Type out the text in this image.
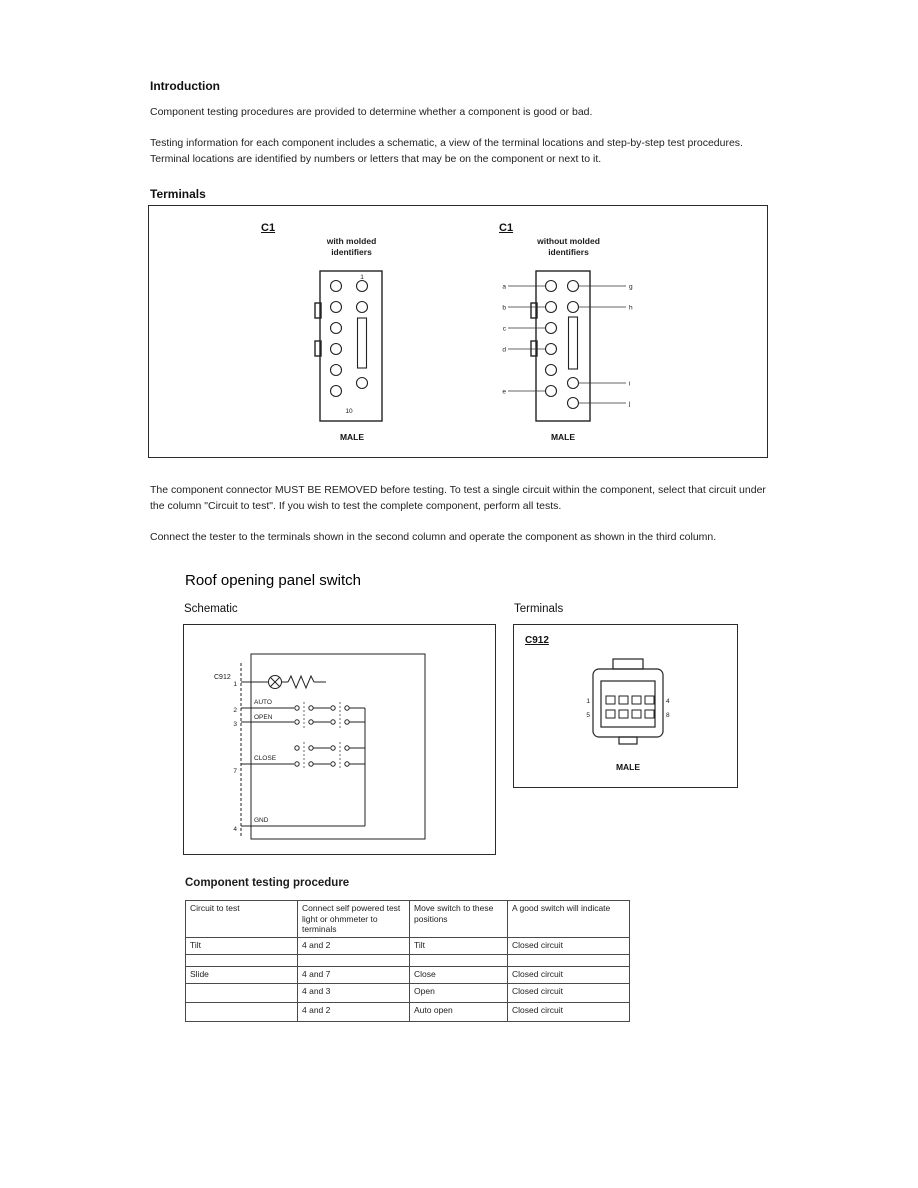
Introduction

Component testing procedures are provided to determine whether a component is good or bad.

Testing information for each component includes a schematic, a view of the terminal locations and step-by-step test procedures. Terminal locations are identified by numbers or letters that may be on the component or next to it.

Terminals
C1
with molded
identifiers
1
10
MALE
C1
without molded
identifiers
a
b
c
d
e
g
h
i
j
MALE

The component connector MUST BE REMOVED before testing. To test a single circuit within the component, select that circuit under the column "Circuit to test". If you wish to test the complete component, perform all tests.

Connect the tester to the terminals shown in the second column and operate the component as shown in the third column.

Roof opening panel switch
Schematic	Terminals
C912
1
2
3
7
4
AUTO
OPEN
CLOSE
GND
C912
1
5
4
8
MALE
Component testing procedure
Circuit to test	Connect self powered test light or ohmmeter to terminals	Move switch to these positions	A good switch will indicate
Tilt	4 and 2	Tilt	Closed circuit

Slide	4 and 7	Close	Closed circuit
	4 and 3	Open	Closed circuit
	4 and 2	Auto open	Closed circuit
